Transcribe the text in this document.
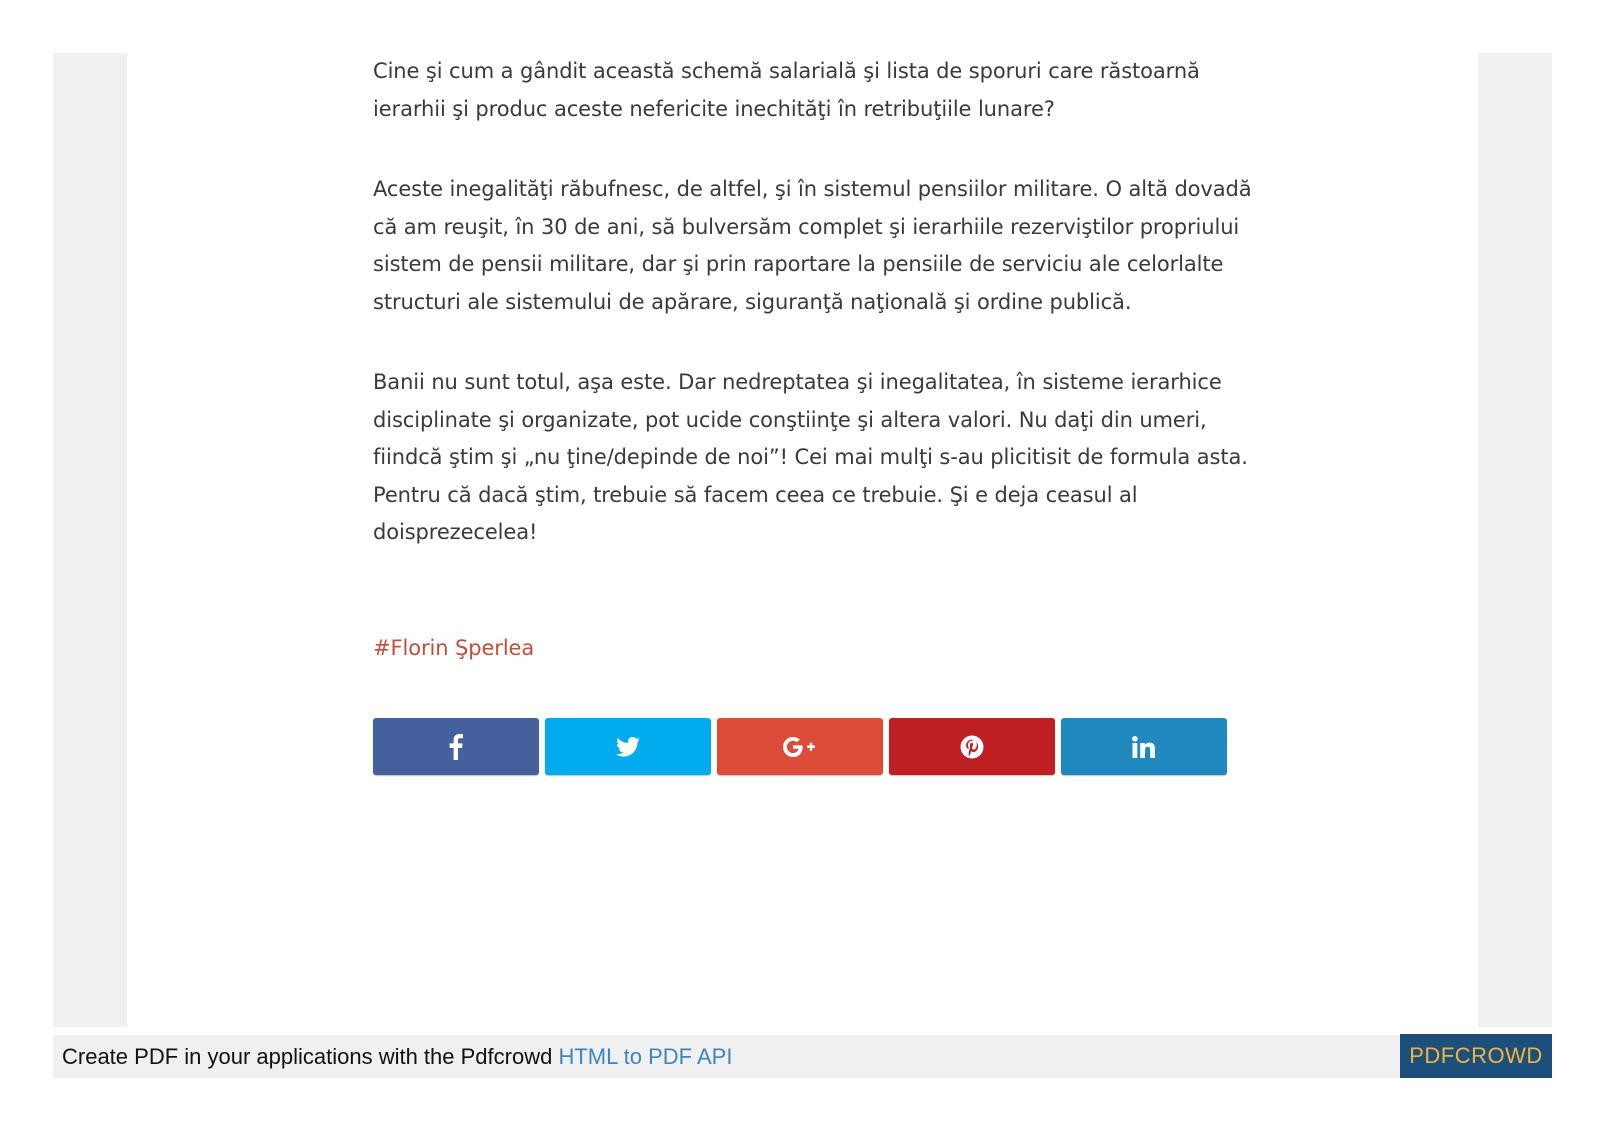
Cine şi cum a gândit această schemă salarială şi lista de sporuri care răstoarnă ierarhii şi produc aceste nefericite inechităţi în retribuţiile lunare?

Aceste inegalităţi răbufnesc, de altfel, şi în sistemul pensiilor militare. O altă dovadă că am reuşit, în 30 de ani, să bulversăm complet şi ierarhiile rezerviştilor propriului sistem de pensii militare, dar şi prin raportare la pensiile de serviciu ale celorlalte structuri ale sistemului de apărare, siguranţă naţională şi ordine publică.

Banii nu sunt totul, aşa este. Dar nedreptatea şi inegalitatea, în sisteme ierarhice disciplinate şi organizate, pot ucide conştiinţe şi altera valori. Nu daţi din umeri, fiindcă ştim şi „nu ţine/depinde de noi”! Cei mai mulţi s-au plicitisit de formula asta. Pentru că dacă ştim, trebuie să facem ceea ce trebuie. Şi e deja ceasul al doisprezecelea!

#Florin Şperlea

Create PDF in your applications with the Pdfcrowd HTML to PDF API	PDFCROWD
